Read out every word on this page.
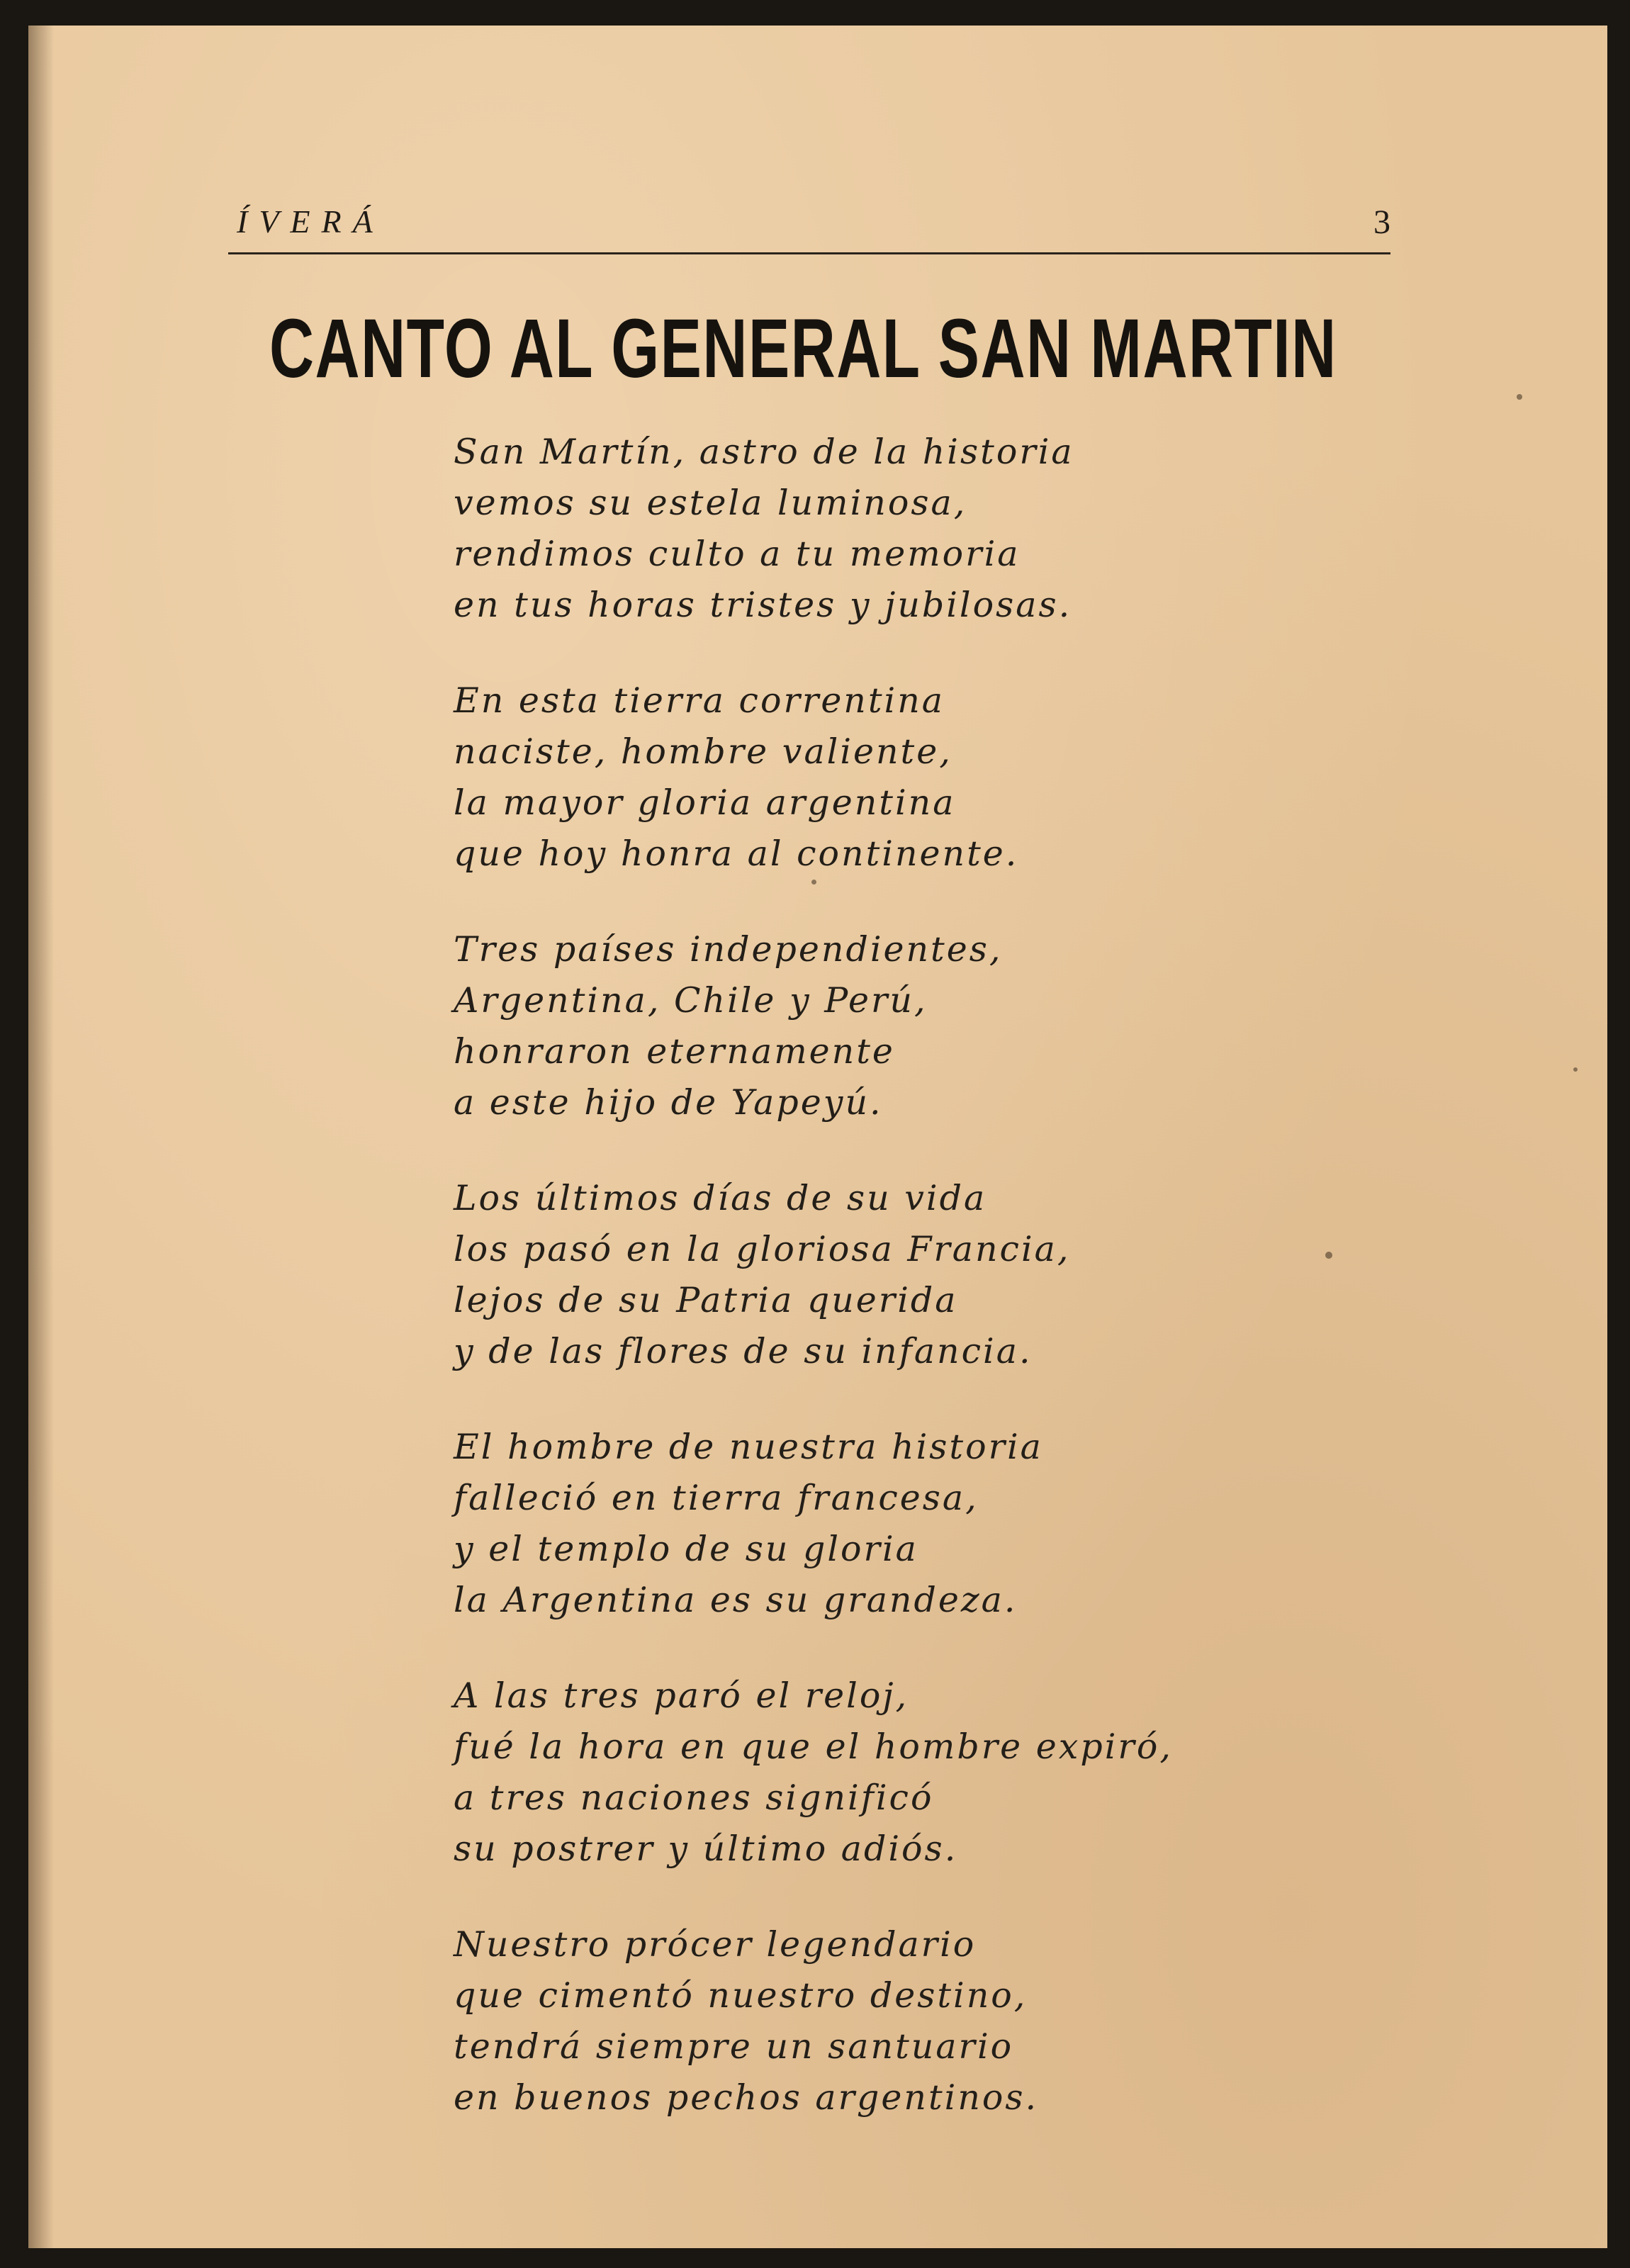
ÍVERÁ	3
CANTO AL GENERAL SAN MARTIN
San Martín, astro de la historia
vemos su estela luminosa,
rendimos culto a tu memoria
en tus horas tristes y jubilosas.
En esta tierra correntina
naciste, hombre valiente,
la mayor gloria argentina
que hoy honra al continente.
Tres países independientes,
Argentina, Chile y Perú,
honraron eternamente
a este hijo de Yapeyú.
Los últimos días de su vida
los pasó en la gloriosa Francia,
lejos de su Patria querida
y de las flores de su infancia.
El hombre de nuestra historia
falleció en tierra francesa,
y el templo de su gloria
la Argentina es su grandeza.
A las tres paró el reloj,
fué la hora en que el hombre expiró,
a tres naciones significó
su postrer y último adiós.
Nuestro prócer legendario
que cimentó nuestro destino,
tendrá siempre un santuario
en buenos pechos argentinos.
